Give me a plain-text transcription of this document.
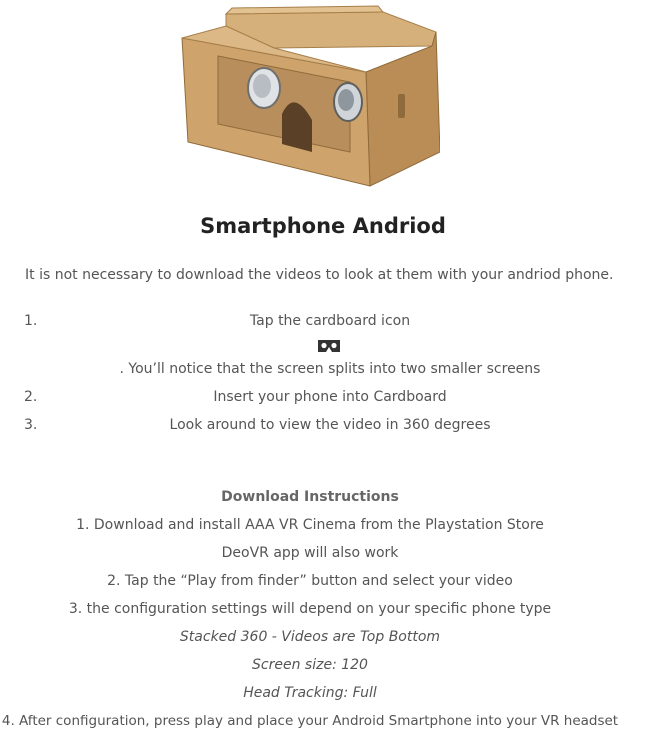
Smartphone Andriod

It is not necessary to download the videos to look at them with your andriod phone.

1.	Tap the cardboard icon

. You’ll notice that the screen splits into two smaller screens

2.	Insert your phone into Cardboard

3.	Look around to view the video in 360 degrees

Download Instructions

1. Download and install AAA VR Cinema from the Playstation Store

DeoVR app will also work

2. Tap the “Play from finder” button and select your video

3. the configuration settings will depend on your specific phone type

Stacked 360 - Videos are Top Bottom

Screen size: 120

Head Tracking: Full

4. After configuration, press play and place your Android Smartphone into your VR headset
